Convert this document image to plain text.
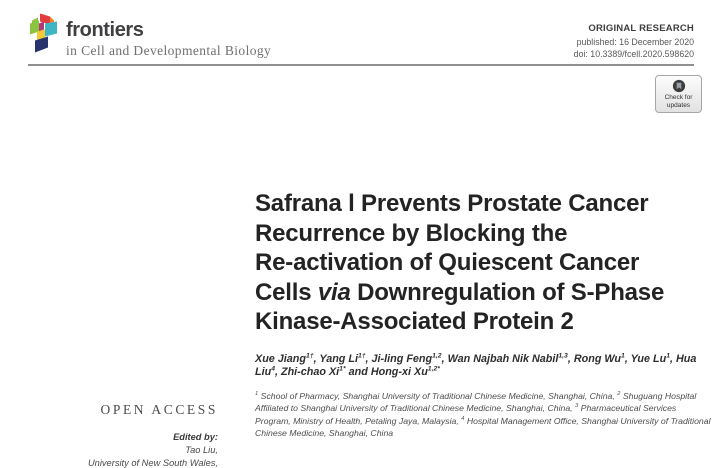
frontiers
in Cell and Developmental Biology
ORIGINAL RESEARCH
published: 16 December 2020
doi: 10.3389/fcell.2020.598620
Check for
updates
OPEN ACCESS
Edited by:
Tao Liu,
University of New South Wales,
Safrana l Prevents Prostate Cancer
Recurrence by Blocking the
Re-activation of Quiescent Cancer
Cells via Downregulation of S-Phase
Kinase-Associated Protein 2
Xue Jiang$^{1\dagger}$, Yang $Li^{1\dagger}$, Ji-ling Feng$^{1,2}$, Wan Najbah Nik Nabil$^{1,3}$, Rong Wu$^1$, Yue Lu$^1$, Hua Liu$^4$, Zhi-chao $Xi^{1*}$ and Hong-xi $Xu^{1,2*}$
$^1$ School of Pharmacy, Shanghai University of Traditional Chinese Medicine, Shanghai, China, $^2$ Shuguang Hospital Affiliated to Shanghai University of Traditional Chinese Medicine, Shanghai, China, $^3$ Pharmaceutical Services Program, Ministry of Health, Petaling Jaya, Malaysia, $^4$ Hospital Management Office, Shanghai University of Traditional Chinese Medicine, Shanghai, China
